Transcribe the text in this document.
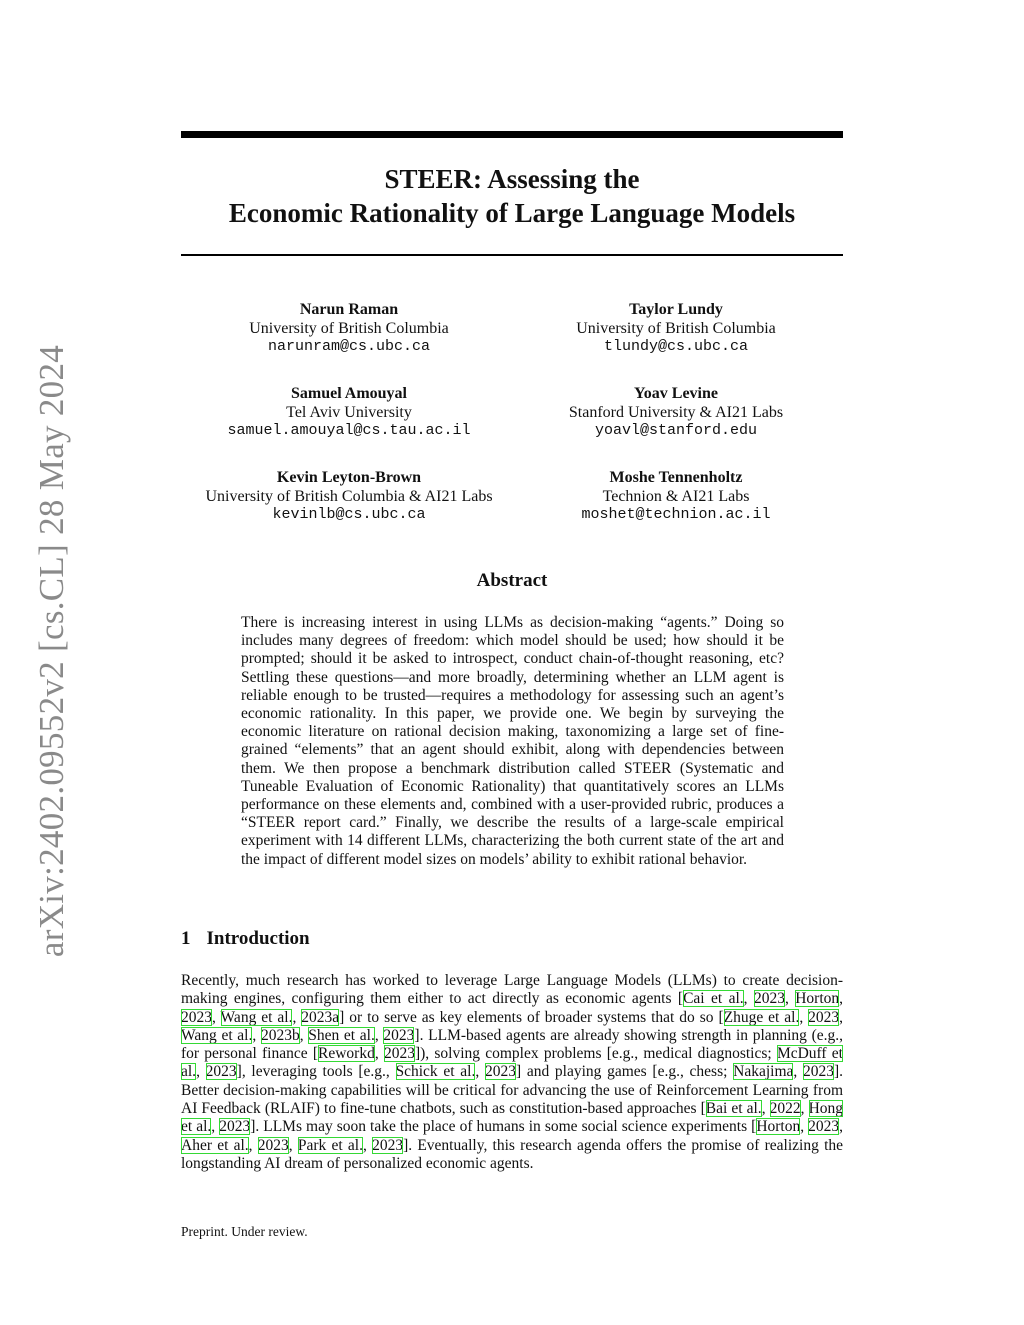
arXiv:2402.09552v2 [cs.CL] 28 May 2024
STEER: Assessing the
Economic Rationality of Large Language Models
Narun Raman
University of British Columbia
narunram@cs.ubc.ca
Taylor Lundy
University of British Columbia
tlundy@cs.ubc.ca
Samuel Amouyal
Tel Aviv University
samuel.amouyal@cs.tau.ac.il
Yoav Levine
Stanford University & AI21 Labs
yoavl@stanford.edu
Kevin Leyton-Brown
University of British Columbia & AI21 Labs
kevinlb@cs.ubc.ca
Moshe Tennenholtz
Technion & AI21 Labs
moshet@technion.ac.il
Abstract

There is increasing interest in using LLMs as decision-making “agents.” Doing so includes many degrees of freedom: which model should be used; how should it be prompted; should it be asked to introspect, conduct chain-of-thought reasoning, etc? Settling these questions—and more broadly, determining whether an LLM agent is reliable enough to be trusted—requires a methodology for assessing such an agent’s economic rationality. In this paper, we provide one. We begin by surveying the economic literature on rational decision making, taxonomizing a large set of fine-grained “elements” that an agent should exhibit, along with dependencies between them. We then propose a benchmark distribution called STEER (Systematic and Tuneable Evaluation of Economic Rationality) that quantitatively scores an LLMs performance on these elements and, combined with a user-provided rubric, produces a “STEER report card.” Finally, we describe the results of a large-scale empirical experiment with 14 different LLMs, characterizing the both current state of the art and the impact of different model sizes on models’ ability to exhibit rational behavior.

1 Introduction

Recently, much research has worked to leverage Large Language Models (LLMs) to create decision-making engines, configuring them either to act directly as economic agents [Cai et al., 2023, Horton, 2023, Wang et al., 2023a] or to serve as key elements of broader systems that do so [Zhuge et al., 2023, Wang et al., 2023b, Shen et al., 2023]. LLM-based agents are already showing strength in planning (e.g., for personal finance [Reworkd, 2023]), solving complex problems [e.g., medical diagnostics; McDuff et al., 2023], leveraging tools [e.g., Schick et al., 2023] and playing games [e.g., chess; Nakajima, 2023]. Better decision-making capabilities will be critical for advancing the use of Reinforcement Learning from AI Feedback (RLAIF) to fine-tune chatbots, such as constitution-based approaches [Bai et al., 2022, Hong et al., 2023]. LLMs may soon take the place of humans in some social science experiments [Horton, 2023, Aher et al., 2023, Park et al., 2023]. Eventually, this research agenda offers the promise of realizing the longstanding AI dream of personalized economic agents.

Preprint. Under review.
